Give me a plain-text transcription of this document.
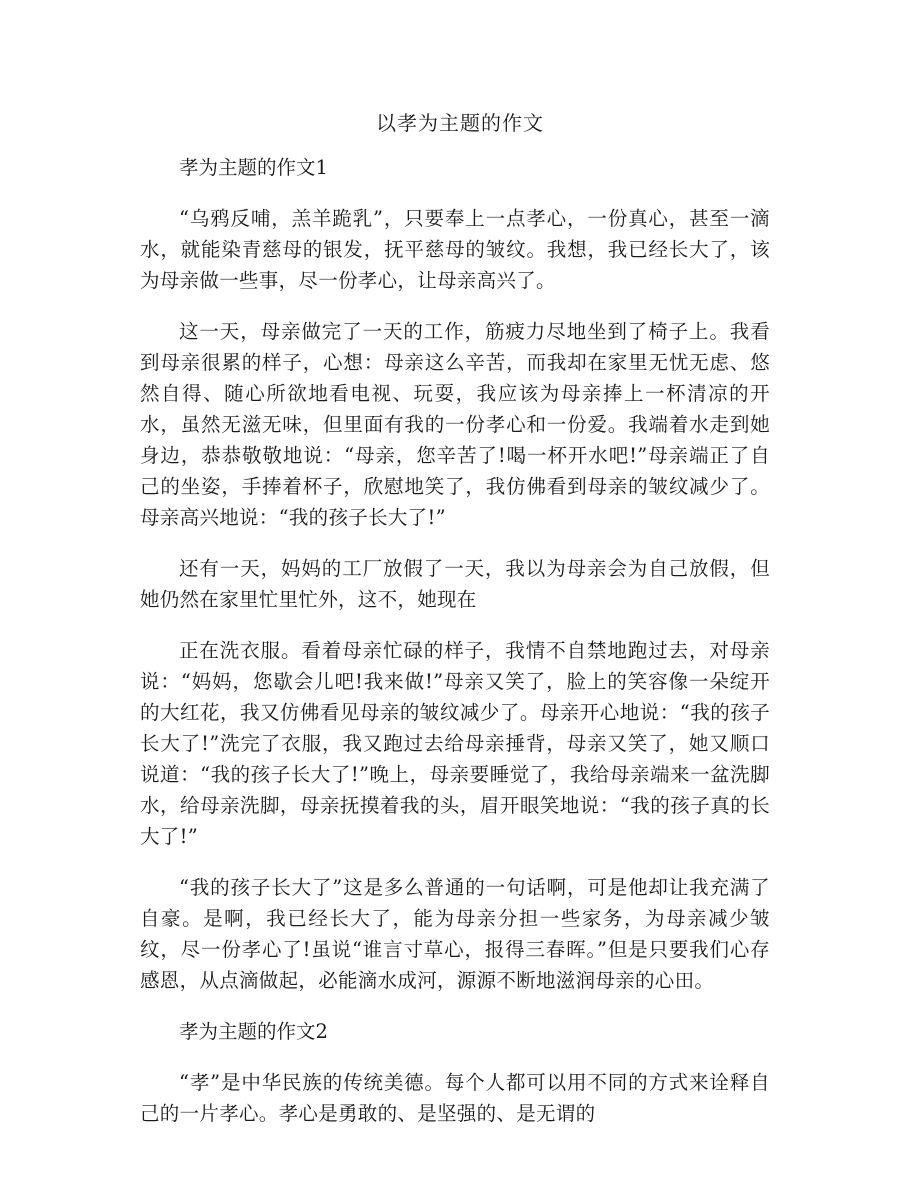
以孝为主题的作文
孝为主题的作文1

“乌鸦反哺，羔羊跪乳”，只要奉上一点孝心，一份真心，甚至一滴水，就能染青慈母的银发，抚平慈母的皱纹。我想，我已经长大了，该为母亲做一些事，尽一份孝心，让母亲高兴了。

这一天，母亲做完了一天的工作，筋疲力尽地坐到了椅子上。我看到母亲很累的样子，心想：母亲这么辛苦，而我却在家里无忧无虑、悠然自得、随心所欲地看电视、玩耍，我应该为母亲捧上一杯清凉的开水，虽然无滋无味，但里面有我的一份孝心和一份爱。我端着水走到她身边，恭恭敬敬地说：“母亲，您辛苦了!喝一杯开水吧!”母亲端正了自己的坐姿，手捧着杯子，欣慰地笑了，我仿佛看到母亲的皱纹减少了。母亲高兴地说：“我的孩子长大了!”

还有一天，妈妈的工厂放假了一天，我以为母亲会为自己放假，但她仍然在家里忙里忙外，这不，她现在

正在洗衣服。看着母亲忙碌的样子，我情不自禁地跑过去，对母亲说：“妈妈，您歇会儿吧!我来做!”母亲又笑了，脸上的笑容像一朵绽开的大红花，我又仿佛看见母亲的皱纹减少了。母亲开心地说：“我的孩子长大了!”洗完了衣服，我又跑过去给母亲捶背，母亲又笑了，她又顺口说道：“我的孩子长大了!”晚上，母亲要睡觉了，我给母亲端来一盆洗脚水，给母亲洗脚，母亲抚摸着我的头，眉开眼笑地说：“我的孩子真的长大了!”

“我的孩子长大了”这是多么普通的一句话啊，可是他却让我充满了自豪。是啊，我已经长大了，能为母亲分担一些家务，为母亲减少皱纹，尽一份孝心了!虽说“谁言寸草心，报得三春晖。”但是只要我们心存感恩，从点滴做起，必能滴水成河，源源不断地滋润母亲的心田。

孝为主题的作文2

“孝”是中华民族的传统美德。每个人都可以用不同的方式来诠释自己的一片孝心。孝心是勇敢的、是坚强的、是无谓的
